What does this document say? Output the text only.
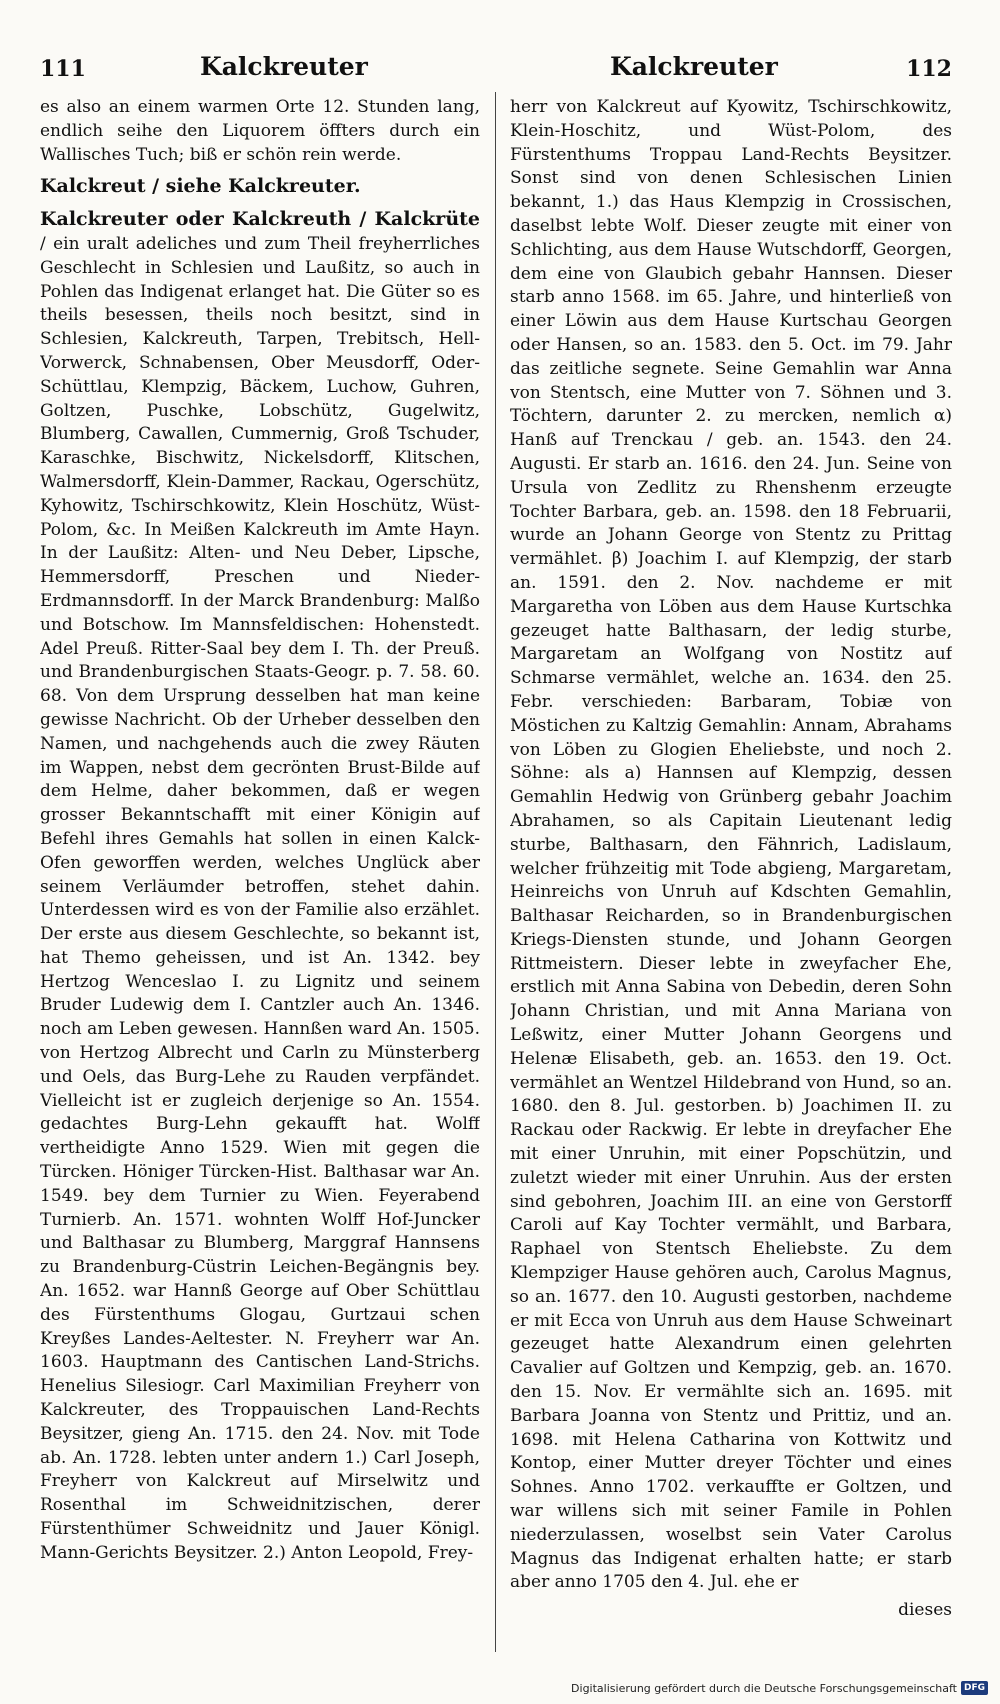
111	Kalckreuter	Kalckreuter	112

es also an einem warmen Orte 12. Stunden lang, endlich seihe den Liquorem öffters durch ein Wallisches Tuch; biß er schön rein werde.

Kalckreut / siehe Kalckreuter.

Kalckreuter oder Kalckreuth / Kalckrüte / ein uralt adeliches und zum Theil freyherrliches Geschlecht in Schlesien und Laußitz, so auch in Pohlen das Indigenat erlanget hat. Die Güter so es theils besessen, theils noch besitzt, sind in Schlesien, Kalckreuth, Tarpen, Trebitsch, Hell-Vorwerck, Schnabensen, Ober Meusdorff, Oder-Schüttlau, Klempzig, Bäckem, Luchow, Guhren, Goltzen, Puschke, Lobschütz, Gugelwitz, Blumberg, Cawallen, Cummernig, Groß Tschuder, Karaschke, Bischwitz, Nickelsdorff, Klitschen, Walmersdorff, Klein-Dammer, Rackau, Ogerschütz, Kyhowitz, Tschirschkowitz, Klein Hoschütz, Wüst-Polom, &c. In Meißen Kalckreuth im Amte Hayn. In der Laußitz: Alten- und Neu Deber, Lipsche, Hemmersdorff, Preschen und Nieder-Erdmannsdorff. In der Marck Brandenburg: Malßo und Botschow. Im Mannsfeldischen: Hohenstedt. Adel Preuß. Ritter-Saal bey dem I. Th. der Preuß. und Brandenburgischen Staats-Geogr. p. 7. 58. 60. 68. Von dem Ursprung desselben hat man keine gewisse Nachricht. Ob der Urheber desselben den Namen, und nachgehends auch die zwey Räuten im Wappen, nebst dem gecrönten Brust-Bilde auf dem Helme, daher bekommen, daß er wegen grosser Bekanntschafft mit einer Königin auf Befehl ihres Gemahls hat sollen in einen Kalck-Ofen geworffen werden, welches Unglück aber seinem Verläumder betroffen, stehet dahin. Unterdessen wird es von der Familie also erzählet. Der erste aus diesem Geschlechte, so bekannt ist, hat Themo geheissen, und ist An. 1342. bey Hertzog Wenceslao I. zu Lignitz und seinem Bruder Ludewig dem I. Cantzler auch An. 1346. noch am Leben gewesen. Hannßen ward An. 1505. von Hertzog Albrecht und Carln zu Münsterberg und Oels, das Burg-Lehe zu Rauden verpfändet. Vielleicht ist er zugleich derjenige so An. 1554. gedachtes Burg-Lehn gekaufft hat. Wolff vertheidigte Anno 1529. Wien mit gegen die Türcken. Höniger Türcken-Hist. Balthasar war An. 1549. bey dem Turnier zu Wien. Feyerabend Turnierb. An. 1571. wohnten Wolff Hof-Juncker und Balthasar zu Blumberg, Marggraf Hannsens zu Brandenburg-Cüstrin Leichen-Begängnis bey. An. 1652. war Hannß George auf Ober Schüttlau des Fürstenthums Glogau, Gurtzaui schen Kreyßes Landes-Aeltester. N. Freyherr war An. 1603. Hauptmann des Cantischen Land-Strichs. Henelius Silesiogr. Carl Maximilian Freyherr von Kalckreuter, des Troppauischen Land-Rechts Beysitzer, gieng An. 1715. den 24. Nov. mit Tode ab. An. 1728. lebten unter andern 1.) Carl Joseph, Freyherr von Kalckreut auf Mirselwitz und Rosenthal im Schweidnitzischen, derer Fürstenthümer Schweidnitz und Jauer Königl. Mann-Gerichts Beysitzer. 2.) Anton Leopold, Frey-

herr von Kalckreut auf Kyowitz, Tschirschkowitz, Klein-Hoschitz, und Wüst-Polom, des Fürstenthums Troppau Land-Rechts Beysitzer. Sonst sind von denen Schlesischen Linien bekannt, 1.) das Haus Klempzig in Crossischen, daselbst lebte Wolf. Dieser zeugte mit einer von Schlichting, aus dem Hause Wutschdorff, Georgen, dem eine von Glaubich gebahr Hannsen. Dieser starb anno 1568. im 65. Jahre, und hinterließ von einer Löwin aus dem Hause Kurtschau Georgen oder Hansen, so an. 1583. den 5. Oct. im 79. Jahr das zeitliche segnete. Seine Gemahlin war Anna von Stentsch, eine Mutter von 7. Söhnen und 3. Töchtern, darunter 2. zu mercken, nemlich α) Hanß auf Trenckau / geb. an. 1543. den 24. Augusti. Er starb an. 1616. den 24. Jun. Seine von Ursula von Zedlitz zu Rhenshenm erzeugte Tochter Barbara, geb. an. 1598. den 18 Februarii, wurde an Johann George von Stentz zu Prittag vermählet. β) Joachim I. auf Klempzig, der starb an. 1591. den 2. Nov. nachdeme er mit Margaretha von Löben aus dem Hause Kurtschka gezeuget hatte Balthasarn, der ledig sturbe, Margaretam an Wolfgang von Nostitz auf Schmarse vermählet, welche an. 1634. den 25. Febr. verschieden: Barbaram, Tobiæ von Möstichen zu Kaltzig Gemahlin: Annam, Abrahams von Löben zu Glogien Eheliebste, und noch 2. Söhne: als a) Hannsen auf Klempzig, dessen Gemahlin Hedwig von Grünberg gebahr Joachim Abrahamen, so als Capitain Lieutenant ledig sturbe, Balthasarn, den Fähnrich, Ladislaum, welcher frühzeitig mit Tode abgieng, Margaretam, Heinreichs von Unruh auf Kdschten Gemahlin, Balthasar Reicharden, so in Brandenburgischen Kriegs-Diensten stunde, und Johann Georgen Rittmeistern. Dieser lebte in zweyfacher Ehe, erstlich mit Anna Sabina von Debedin, deren Sohn Johann Christian, und mit Anna Mariana von Leßwitz, einer Mutter Johann Georgens und Helenæ Elisabeth, geb. an. 1653. den 19. Oct. vermählet an Wentzel Hildebrand von Hund, so an. 1680. den 8. Jul. gestorben. b) Joachimen II. zu Rackau oder Rackwig. Er lebte in dreyfacher Ehe mit einer Unruhin, mit einer Popschützin, und zuletzt wieder mit einer Unruhin. Aus der ersten sind gebohren, Joachim III. an eine von Gerstorff Caroli auf Kay Tochter vermählt, und Barbara, Raphael von Stentsch Eheliebste. Zu dem Klempziger Hause gehören auch, Carolus Magnus, so an. 1677. den 10. Augusti gestorben, nachdeme er mit Ecca von Unruh aus dem Hause Schweinart gezeuget hatte Alexandrum einen gelehrten Cavalier auf Goltzen und Kempzig, geb. an. 1670. den 15. Nov. Er vermählte sich an. 1695. mit Barbara Joanna von Stentz und Prittiz, und an. 1698. mit Helena Catharina von Kottwitz und Kontop, einer Mutter dreyer Töchter und eines Sohnes. Anno 1702. verkauffte er Goltzen, und war willens sich mit seiner Famile in Pohlen niederzulassen, woselbst sein Vater Carolus Magnus das Indigenat erhalten hatte; er starb aber anno 1705 den 4. Jul. ehe er

dieses

Digitalisierung gefördert durch die Deutsche Forschungsgemeinschaft DFG
